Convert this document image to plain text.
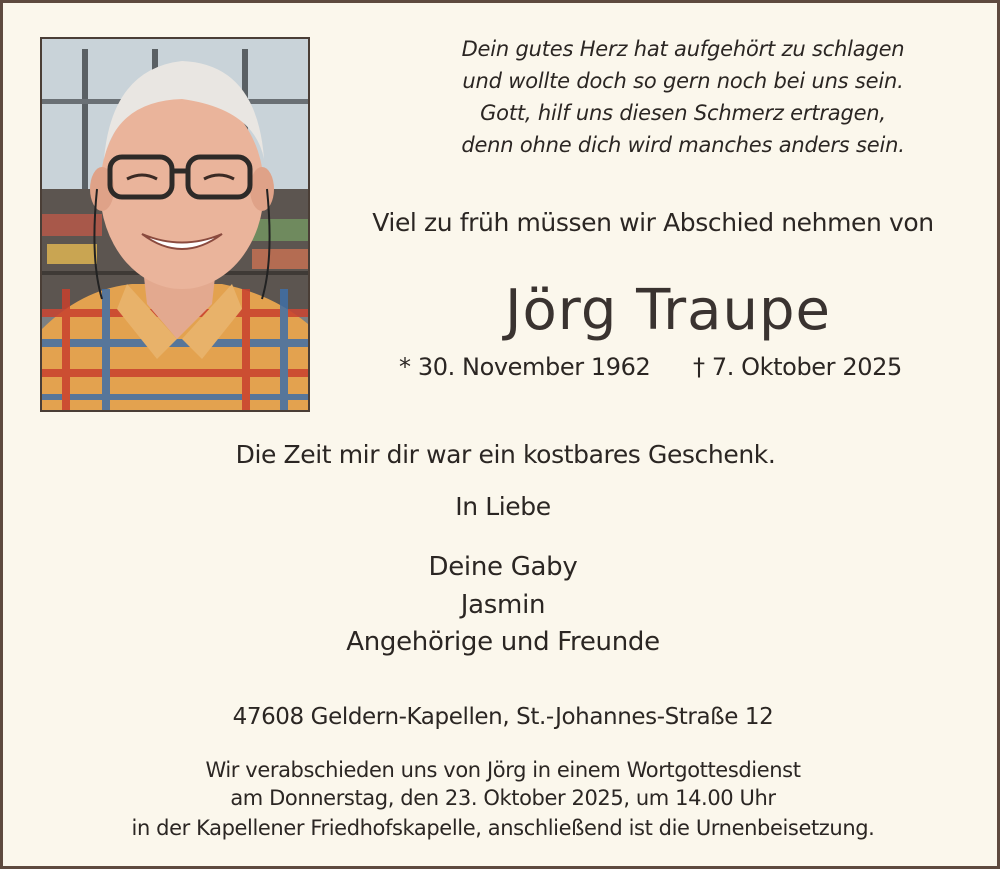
Dein gutes Herz hat aufgehört zu schlagen
und wollte doch so gern noch bei uns sein.
Gott, hilf uns diesen Schmerz ertragen,
denn ohne dich wird manches anders sein.
Viel zu früh müssen wir Abschied nehmen von
Jörg Traupe
* 30. November 1962 † 7. Oktober 2025
Die Zeit mir dir war ein kostbares Geschenk.
In Liebe
Deine Gaby
Jasmin
Angehörige und Freunde
47608 Geldern-Kapellen, St.-Johannes-Straße 12
Wir verabschieden uns von Jörg in einem Wortgottesdienst
am Donnerstag, den 23. Oktober 2025, um 14.00 Uhr
in der Kapellener Friedhofskapelle, anschließend ist die Urnenbeisetzung.
